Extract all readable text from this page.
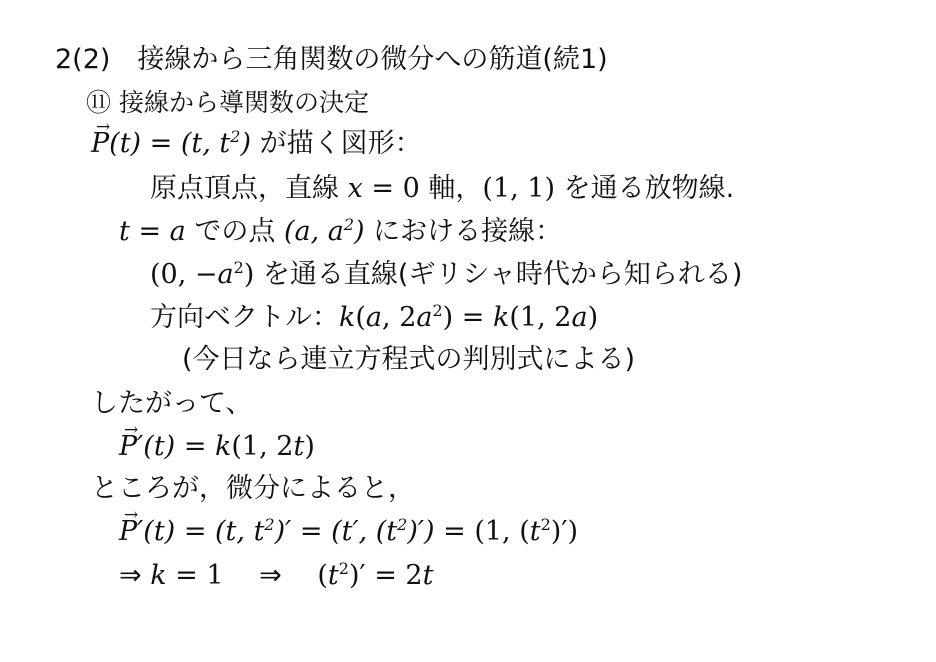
2(2)　接線から三角関数の微分への筋道(続1)
⑪ 接線から導関数の決定
→ P(t) = (t, $t^2$) が描く図形：
原点頂点，直線 x = 0 軸，(1, 1) を通る放物線.
t = a での点 (a, $a^2$) における接線：
(0, $-a^2$) を通る直線(ギリシャ時代から知られる)
方向ベクトル：k(a, $2a^2) = k(1$, 2a)
(今日なら連立方程式の判別式による)
したがって、
→ P′(t) = k(1, 2t)
ところが，微分によると，
→ P′(t) = (t, $t^2)' = (t'$, $(t^2)') = (1$, $(t^2)'$)
⇒ k = 1　 ⇒ 　$(t^2)' = 2t$
